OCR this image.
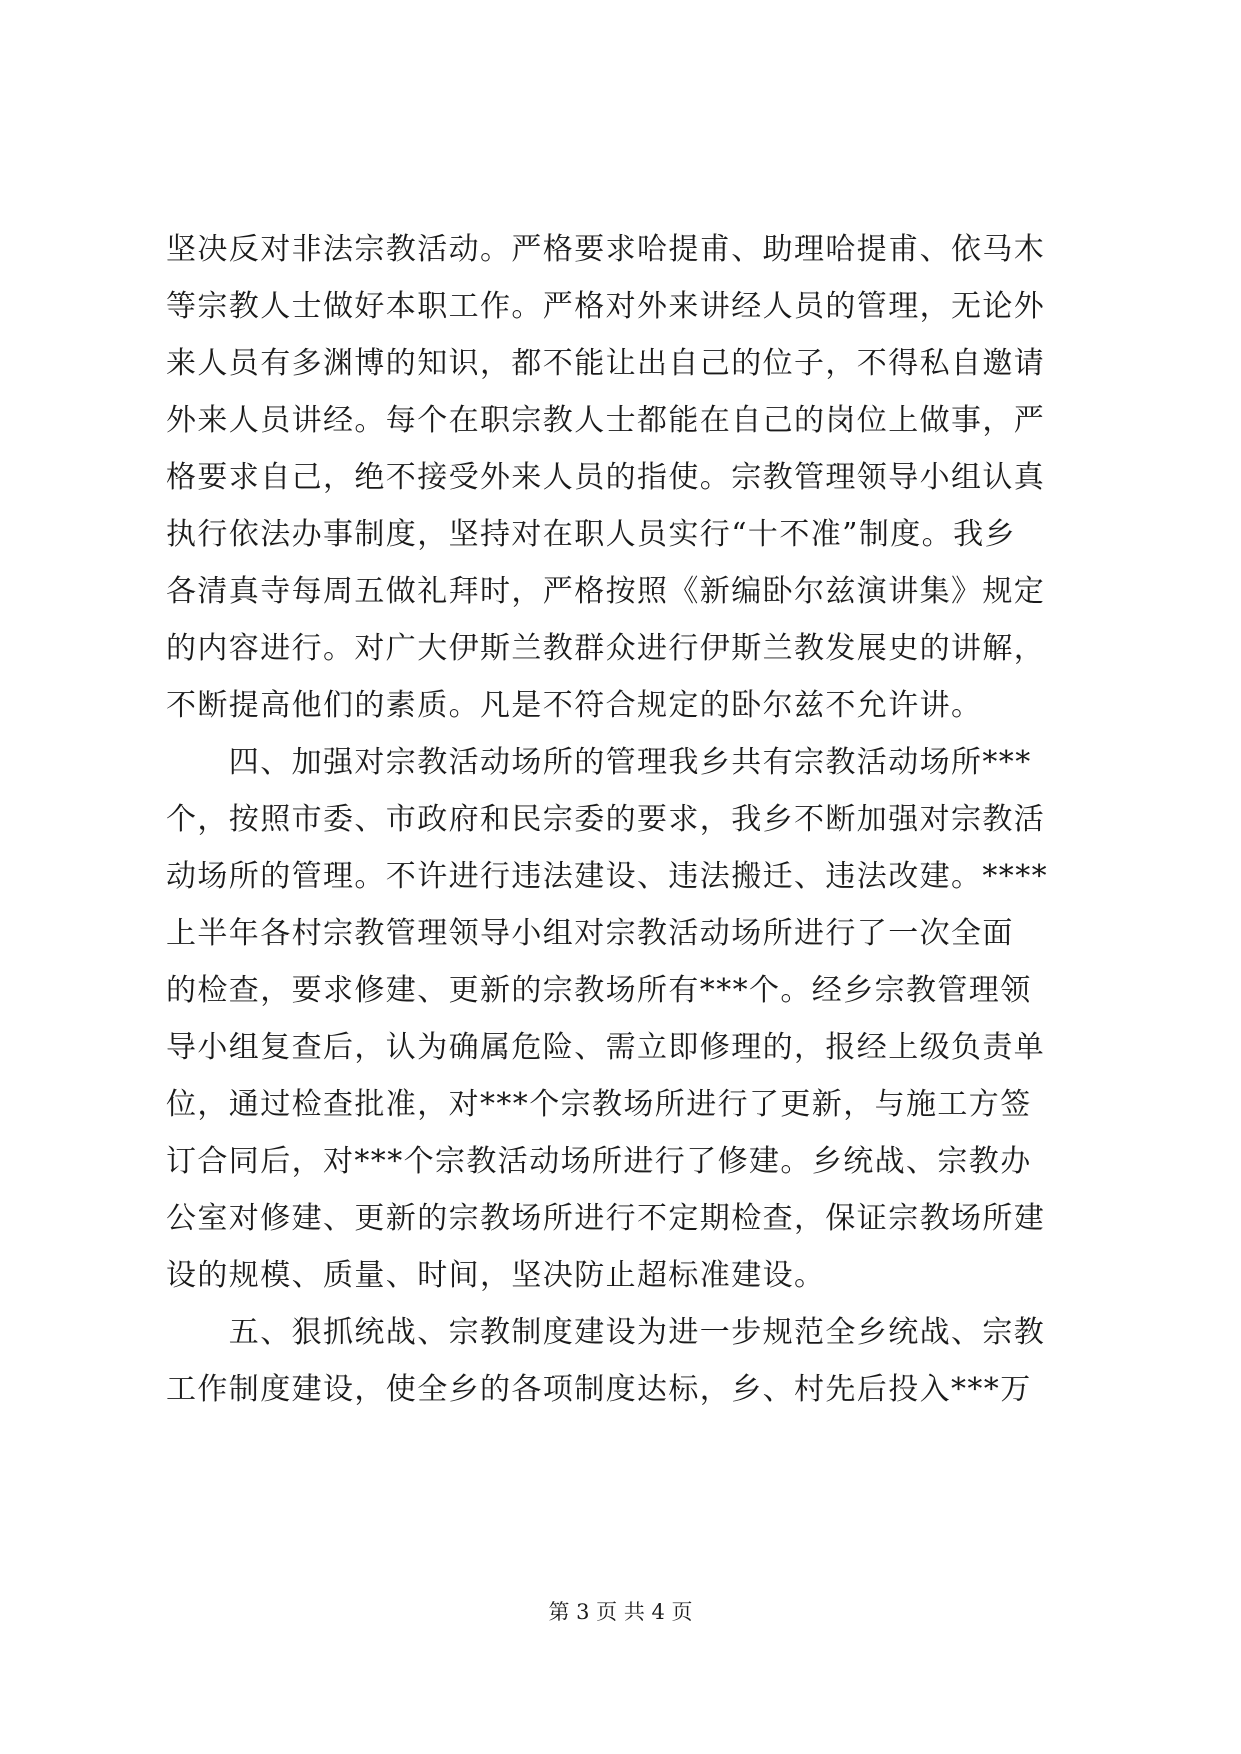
坚决反对非法宗教活动。严格要求哈提甫、助理哈提甫、依马木
等宗教人士做好本职工作。严格对外来讲经人员的管理，无论外
来人员有多渊博的知识，都不能让出自己的位子，不得私自邀请
外来人员讲经。每个在职宗教人士都能在自己的岗位上做事，严
格要求自己，绝不接受外来人员的指使。宗教管理领导小组认真
执行依法办事制度，坚持对在职人员实行“十不准”制度。我乡
各清真寺每周五做礼拜时，严格按照《新编卧尔兹演讲集》规定
的内容进行。对广大伊斯兰教群众进行伊斯兰教发展史的讲解，
不断提高他们的素质。凡是不符合规定的卧尔兹不允许讲。
　　四、加强对宗教活动场所的管理我乡共有宗教活动场所***
个，按照市委、市政府和民宗委的要求，我乡不断加强对宗教活
动场所的管理。不许进行违法建设、违法搬迁、违法改建。****
上半年各村宗教管理领导小组对宗教活动场所进行了一次全面
的检查，要求修建、更新的宗教场所有***个。经乡宗教管理领
导小组复查后，认为确属危险、需立即修理的，报经上级负责单
位，通过检查批准，对***个宗教场所进行了更新，与施工方签
订合同后，对***个宗教活动场所进行了修建。乡统战、宗教办
公室对修建、更新的宗教场所进行不定期检查，保证宗教场所建
设的规模、质量、时间，坚决防止超标准建设。
　　五、狠抓统战、宗教制度建设为进一步规范全乡统战、宗教
工作制度建设，使全乡的各项制度达标，乡、村先后投入***万
第 3 页 共 4 页
